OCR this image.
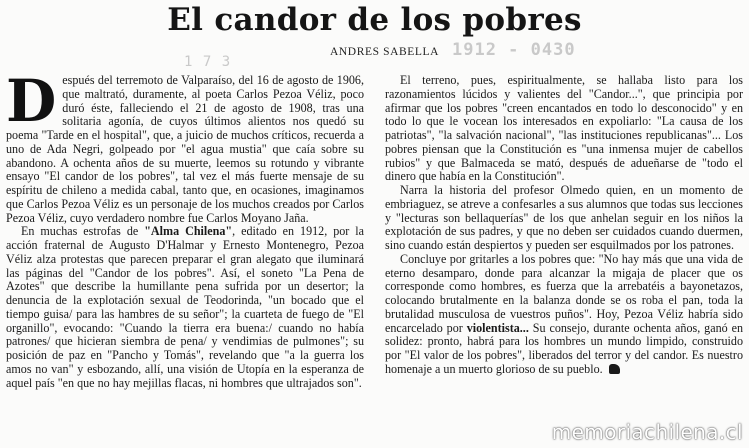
El candor de los pobres
ANDRES SABELLA
1 7 3
1912 - 0430

Después del terremoto de Valparaíso, del 16 de agosto de 1906, que maltrató, duramente, al poeta Carlos Pezoa Véliz, poco duró éste, falleciendo el 21 de agosto de 1908, tras una solitaria agonía, de cuyos últimos alientos nos quedó su poema "Tarde en el hospital", que, a juicio de muchos críticos, recuerda a uno de Ada Negri, golpeado por "el agua mustia" que caía sobre su abandono. A ochenta años de su muerte, leemos su rotundo y vibrante ensayo "El candor de los pobres", tal vez el más fuerte mensaje de su espíritu de chileno a medida cabal, tanto que, en ocasiones, imaginamos que Carlos Pezoa Véliz es un personaje de los muchos creados por Carlos Pezoa Véliz, cuyo verdadero nombre fue Carlos Moyano Jaña.

En muchas estrofas de "Alma Chilena", editado en 1912, por la acción fraternal de Augusto D'Halmar y Ernesto Montenegro, Pezoa Véliz alza protestas que parecen preparar el gran alegato que iluminará las páginas del "Candor de los pobres". Así, el soneto "La Pena de Azotes" que describe la humillante pena sufrida por un desertor; la denuncia de la explotación sexual de Teodorinda, "un bocado que el tiempo guisa/ para las hambres de su señor"; la cuarteta de fuego de "El organillo", evocando: "Cuando la tierra era buena:/ cuando no había patrones/ que hicieran siembra de pena/ y vendimias de pulmones"; su posición de paz en "Pancho y Tomás", revelando que "a la guerra los amos no van" y esbozando, allí, una visión de Utopía en la esperanza de aquel país "en que no hay mejillas flacas, ni hombres que ultrajados son".

El terreno, pues, espiritualmente, se hallaba listo para los razonamientos lúcidos y valientes del "Candor...", que principia por afirmar que los pobres "creen encantados en todo lo desconocido" y en todo lo que le vocean los interesados en expoliarlo: "La causa de los patriotas", "la salvación nacional", "las instituciones republicanas"... Los pobres piensan que la Constitución es "una inmensa mujer de cabellos rubios" y que Balmaceda se mató, después de adueñarse de "todo el dinero que había en la Constitución".

Narra la historia del profesor Olmedo quien, en un momento de embriaguez, se atreve a confesarles a sus alumnos que todas sus lecciones y "lecturas son bellaquerías" de los que anhelan seguir en los niños la explotación de sus padres, y que no deben ser cuidados cuando duermen, sino cuando están despiertos y pueden ser esquilmados por los patrones.

Concluye por gritarles a los pobres que: "No hay más que una vida de eterno desamparo, donde para alcanzar la migaja de placer que os corresponde como hombres, es fuerza que la arrebatéis a bayonetazos, colocando brutalmente en la balanza donde se os roba el pan, toda la brutalidad musculosa de vuestros puños". Hoy, Pezoa Véliz habría sido encarcelado por violentista... Su consejo, durante ochenta años, ganó en solidez: pronto, habrá para los hombres un mundo limpido, construido por "El valor de los pobres", liberados del terror y del candor. Es nuestro homenaje a un muerto glorioso de su pueblo.

memoriachilena.cl
